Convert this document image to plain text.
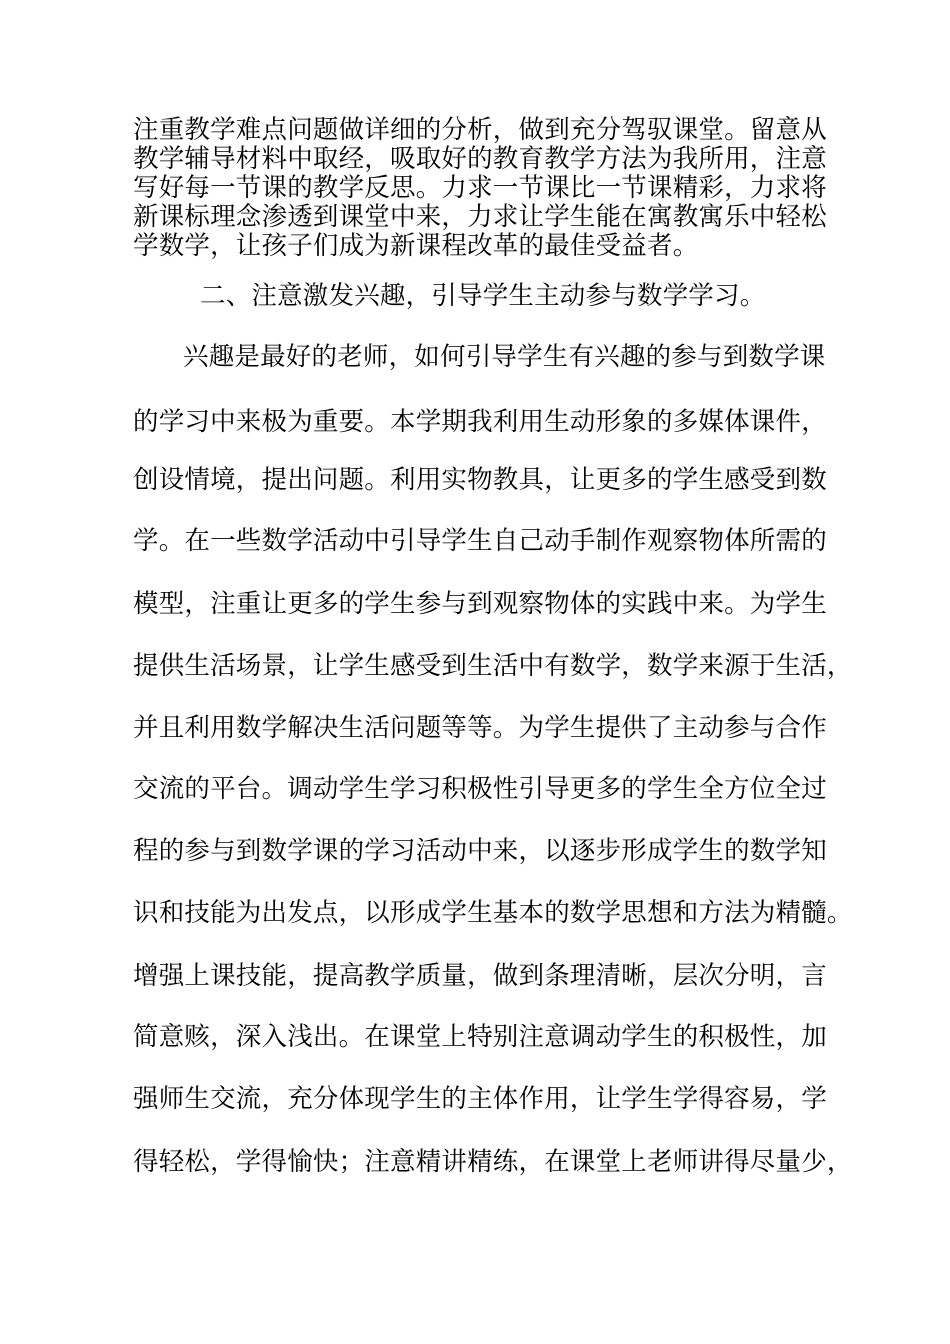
注重教学难点问题做详细的分析，做到充分驾驭课堂。留意从
教学辅导材料中取经，吸取好的教育教学方法为我所用，注意
写好每一节课的教学反思。力求一节课比一节课精彩，力求将
新课标理念渗透到课堂中来，力求让学生能在寓教寓乐中轻松
学数学，让孩子们成为新课程改革的最佳受益者。
二、注意激发兴趣，引导学生主动参与数学学习。
兴趣是最好的老师，如何引导学生有兴趣的参与到数学课
的学习中来极为重要。本学期我利用生动形象的多媒体课件，
创设情境，提出问题。利用实物教具，让更多的学生感受到数
学。在一些数学活动中引导学生自己动手制作观察物体所需的
模型，注重让更多的学生参与到观察物体的实践中来。为学生
提供生活场景，让学生感受到生活中有数学，数学来源于生活，
并且利用数学解决生活问题等等。为学生提供了主动参与合作
交流的平台。调动学生学习积极性引导更多的学生全方位全过
程的参与到数学课的学习活动中来，以逐步形成学生的数学知
识和技能为出发点，以形成学生基本的数学思想和方法为精髓。
增强上课技能，提高教学质量，做到条理清晰，层次分明，言
简意赅，深入浅出。在课堂上特别注意调动学生的积极性，加
强师生交流，充分体现学生的主体作用，让学生学得容易，学
得轻松，学得愉快；注意精讲精练，在课堂上老师讲得尽量少，
